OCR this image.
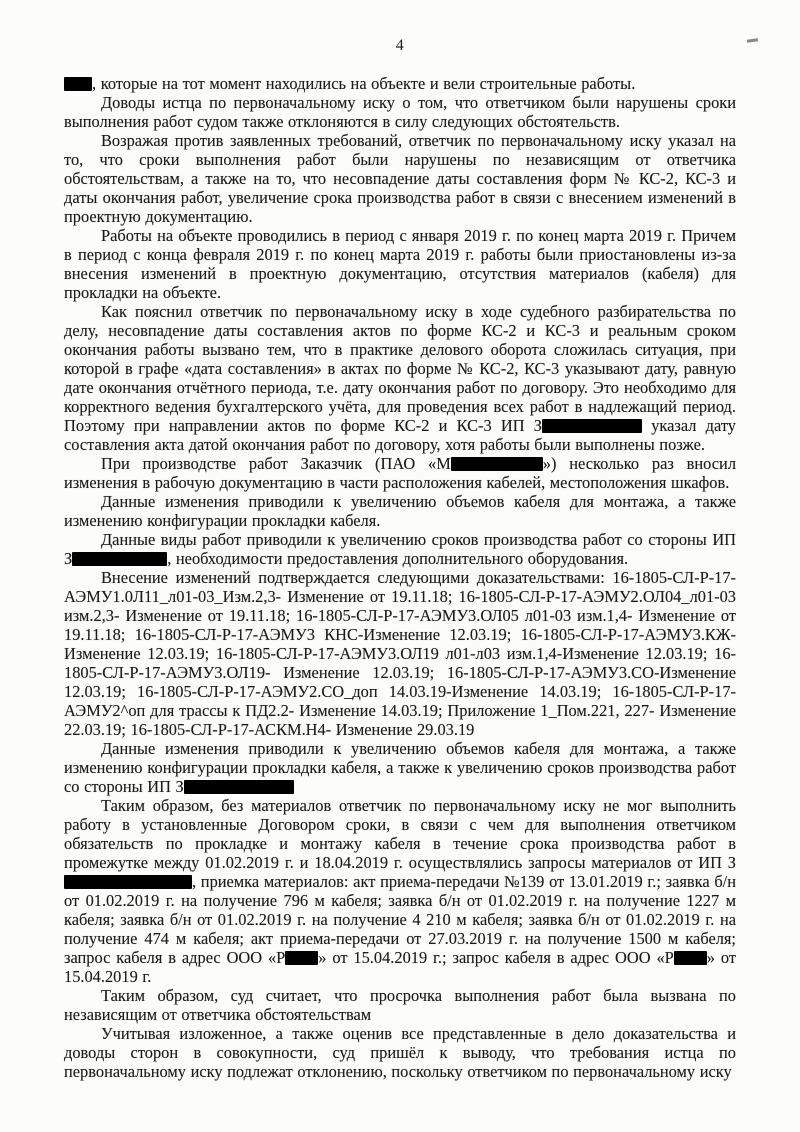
4

, которые на тот момент находились на объекте и вели строительные работы.

Доводы истца по первоначальному иску о том, что ответчиком были нарушены сроки выполнения работ судом также отклоняются в силу следующих обстоятельств.

Возражая против заявленных требований, ответчик по первоначальному иску указал на то, что сроки выполнения работ были нарушены по независящим от ответчика обстоятельствам, а также на то, что несовпадение даты составления форм № КС-2, КС-3 и даты окончания работ, увеличение срока производства работ в связи с внесением изменений в проектную документацию.

Работы на объекте проводились в период с января 2019 г. по конец марта 2019 г. Причем в период с конца февраля 2019 г. по конец марта 2019 г. работы были приостановлены из-за внесения изменений в проектную документацию, отсутствия материалов (кабеля) для прокладки на объекте.

Как пояснил ответчик по первоначальному иску в ходе судебного разбирательства по делу, несовпадение даты составления актов по форме КС-2 и КС-3 и реальным сроком окончания работы вызвано тем, что в практике делового оборота сложилась ситуация, при которой в графе «дата составления» в актах по форме № КС-2, КС-3 указывают дату, равную дате окончания отчётного периода, т.е. дату окончания работ по договору. Это необходимо для корректного ведения бухгалтерского учёта, для проведения всех работ в надлежащий период. Поэтому при направлении актов по форме КС-2 и КС-3 ИП З	указал дату составления акта датой окончания работ по договору, хотя работы были выполнены позже.

При производстве работ Заказчик (ПАО «М	») несколько раз вносил изменения в рабочую документацию в части расположения кабелей, местоположения шкафов.

Данные изменения приводили к увеличению объемов кабеля для монтажа, а также изменению конфигурации прокладки кабеля.

Данные виды работ приводили к увеличению сроков производства работ со стороны ИП З	, необходимости предоставления дополнительного оборудования.

Внесение изменений подтверждается следующими доказательствами: 16-1805-СЛ-Р-17-АЭМУ1.0Л11_л01-03_Изм.2,3- Изменение от 19.11.18; 16-1805-СЛ-Р-17-АЭМУ2.ОЛ04_л01-03 изм.2,3- Изменение от 19.11.18; 16-1805-СЛ-Р-17-АЭМУ3.ОЛ05 л01-03 изм.1,4- Изменение от 19.11.18; 16-1805-СЛ-Р-17-АЭМУ3 КНС-Изменение 12.03.19; 16-1805-СЛ-Р-17-АЭМУ3.КЖ-Изменение 12.03.19; 16-1805-СЛ-Р-17-АЭМУ3.ОЛ19 л01-л03 изм.1,4-Изменение 12.03.19; 16-1805-СЛ-Р-17-АЭМУ3.ОЛ19- Изменение 12.03.19; 16-1805-СЛ-Р-17-АЭМУ3.СО-Изменение 12.03.19; 16-1805-СЛ-Р-17-АЭМУ2.СО_доп 14.03.19-Изменение 14.03.19; 16-1805-СЛ-Р-17-АЭМУ2^оп для трассы к ПД2.2- Изменение 14.03.19; Приложение 1_Пом.221, 227- Изменение 22.03.19; 16-1805-СЛ-Р-17-АСКМ.Н4- Изменение 29.03.19

Данные изменения приводили к увеличению объемов кабеля для монтажа, а также изменению конфигурации прокладки кабеля, а также к увеличению сроков производства работ со стороны ИП З

Таким образом, без материалов ответчик по первоначальному иску не мог выполнить работу в установленные Договором сроки, в связи с чем для выполнения ответчиком обязательств по прокладке и монтажу кабеля в течение срока производства работ в промежутке между 01.02.2019 г. и 18.04.2019 г. осуществлялись запросы материалов от ИП З, приемка материалов: акт приема-передачи №139 от 13.01.2019 г.; заявка б/н от 01.02.2019 г. на получение 796 м кабеля; заявка б/н от 01.02.2019 г. на получение 1227 м кабеля; заявка б/н от 01.02.2019 г. на получение 4 210 м кабеля; заявка б/н от 01.02.2019 г. на получение 474 м кабеля; акт приема-передачи от 27.03.2019 г. на получение 1500 м кабеля; запрос кабеля в адрес ООО «Р » от 15.04.2019 г.; запрос кабеля в адрес ООО «Р » от 15.04.2019 г.

Таким образом, суд считает, что просрочка выполнения работ была вызвана по независящим от ответчика обстоятельствам

Учитывая изложенное, а также оценив все представленные в дело доказательства и доводы сторон в совокупности, суд пришёл к выводу, что требования истца по первоначальному иску подлежат отклонению, поскольку ответчиком по первоначальному иску
